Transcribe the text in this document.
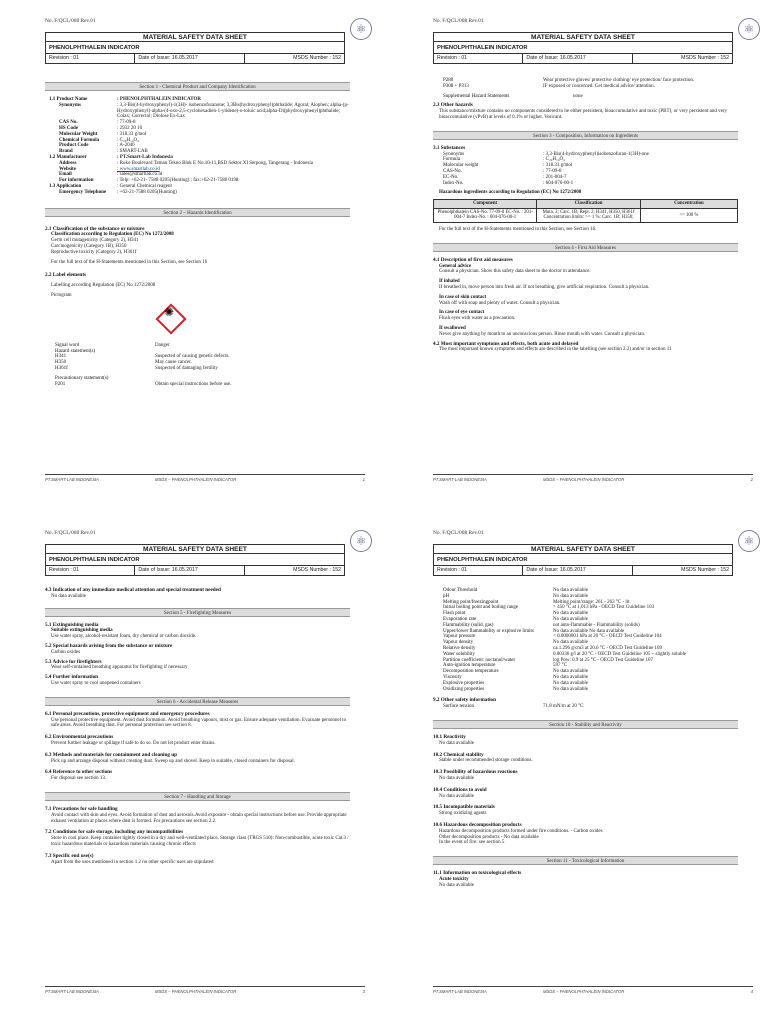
No. F/QCL/008 Rev.01
⚛
MATERIAL SAFETY DATA SHEET
PHENOLPHTHALEIN INDICATOR
Revision : 01	Date of Issue: 16.05.2017	MSDS Number : 152
Section 1 - Chemical Product and Company Identification
1.1 Product Name	: PHENOLPHTHALEIN INDICATOR
Synonyms	: 3,3-Bis(4-hydroxyphenyl)-1(3H)- isobenzofuranone; 3,3Bis(hydroxyphenyl)phthalide; Agoral; Alophen; alpha-(p-Hydroxyphenyl)-alpha-(4-oxo-2,5-cyclohexadien-1-ylidene)-o-toluic acid;alpha-Di(phydroxyphenyl)phthalide; Colax; Correctol; Diolose Ex-Lax
CAS No.	: 77-09-8
HS Code	: 2932 20 10
Molecular Weight	: 318.33 g/mol
Chemical Formula	: C₂₀H₁₄O₄
Product Code	: A-2046
Brand	: SMART-LAB
1.2 Manufacturer	: PT.Smart-Lab Indonesia
Address	: Ruko Boulevard Taman Tekno Blok E No.10-11,BSD Sektor XI Serpong, Tangerang - Indonesia
Website	: www.smartlab.co.id
Email	: sales@smartlab.co.id
For information	: Telp: +62-21- 7588 0205(Hunting) ; fax:+62-21-7588 0198
1.3 Application	: General Chemical reagent
Emergency Telephone	: +62-21-7588 0205(Hunting)
Section 2 – Hazards Identification
2.1 Classification of the substance or mixture
Classification according to Regulation (EC) No 1272/2008
Germ cell mutagenicity (Category 2), H341
Carcinogenicity (Category 1B), H350
Reproductive toxicity (Category 2), H361f
For the full text of the H-Statements mentioned in this Section, see Section 16
2.2 Label elements
Labelling according Regulation (EC) No 1272/2008
Pictogram
✺
Signal word	Danger
Hazard statement(s)
H341	Suspected of causing genetic defects.
H350	May cause cancer.
H361f	Suspected of damaging fertility
Precautionary statement(s)
P201	Obtain special instructions before use.
PT.SMART-LAB INDONESIA	MSDS – PHENOLPHTHALEIN INDICATOR	1
No. F/QCL/008 Rev.01
⚛
MATERIAL SAFETY DATA SHEET
PHENOLPHTHALEIN INDICATOR
Revision : 01	Date of Issue: 16.05.2017	MSDS Number : 152
P280	Wear protective gloves/ protective clothing/ eye protection/ face protection.
P308 + P313	IF exposed or concerned: Get medical advice/ attention.
Supplemental Hazard Statements	none
2.3 Other hazards
This substance/mixture contains no components considered to be either persistent, bioaccumulative and toxic (PBT), or very persistent and very bioaccumulative (vPvB) at levels of 0.1% or higher. Vesicant.
Section 3 - Composition, Information on Ingredients
3.1 Substances
Synonyms	: 3,3-Bis(4-hydroxyphenyl)isobenzofuran-1(3H)-one
Formula	: C₂₀H₁₄O₄
Molecular weight	: 318.33 g/mol
CAS-No.	: 77-09-8
EC-No.	: 201-004-7
Index-No.	: 604-076-00-1
Hazardous ingredients according to Regulation (EC) No 1272/2008
Component	Classification	Concentration
Phenolphthalein CAS-No. 77-09-8 EC-No. : 201-004-7 Index-No. : 604-076-00-1	Muta. 2; Carc. 1B; Repr. 2; H341, H350, H361f Concentration limits: >= 1 %: Carc. 1B; H350;	<= 100 %
For the full text of the H-Statements mentioned in this Section, see Section 16.
Section 4 - First Aid Measures
4.1 Description of first aid measures
General advice
Consult a physician. Show this safety data sheet to the doctor in attendance.
If inhaled
If breathed in, move person into fresh air. If not breathing, give artificial respiration. Consult a physician.
In case of skin contact
Wash off with soap and plenty of water. Consult a physician.
In case of eye contact
Flush eyes with water as a precaution.
If swallowed
Never give anything by mouth to an unconscious person. Rinse mouth with water. Consult a physician.
4.2 Most important symptoms and effects, both acute and delayed
The most important known symptoms and effects are described in the labelling (see section 2.2) and/or in section 11
PT.SMART-LAB INDONESIA	MSDS – PHENOLPHTHALEIN INDICATOR	2
No. F/QCL/008 Rev.01
⚛
MATERIAL SAFETY DATA SHEET
PHENOLPHTHALEIN INDICATOR
Revision : 01	Date of Issue: 16.05.2017	MSDS Number : 152
4.3 Indication of any immediate medical attention and special treatment needed
No data available
Section 5 - Firefighting Measures
5.1 Extinguishing media
Suitable extinguishing media
Use water spray, alcohol-resistant foam, dry chemical or carbon dioxide.
5.2 Special hazards arising from the substance or mixture
Carbon oxides
5.3 Advice for firefighters
Wear self-contained breathing apparatus for firefighting if necessary
5.4 Further information
Use water spray to cool unopened containers
Section 6 - Accidental Release Measures
6.1 Personal precautions, protective equipment and emergency procedures
Use personal protective equipment. Avoid dust formation. Avoid breathing vapours, mist or gas. Ensure adequate ventilation. Evacuate personnel to safe areas. Avoid breathing dust. For personal protection see section 8.
6.2 Environmental precautions
Prevent further leakage or spillage if safe to do so. Do not let product enter drains.
6.3 Methods and materials for containment and cleaning up
Pick up and arrange disposal without creating dust. Sweep up and shovel. Keep in suitable, closed containers for disposal.
6.4 Reference to other sections
For disposal see section 13.
Section 7 - Handling and Storage
7.1 Precautions for safe handling
Avoid contact with skin and eyes. Avoid formation of dust and aerosols.Avoid exposure - obtain special instructions before use. Provide appropriate exhaust ventilation at places where dust is formed. For precautions see section 2.2.
7.2 Conditions for safe storage, including any incompatibilities
Store in cool place. Keep container tightly closed in a dry and well-ventilated place. Storage class (TRGS 510): Non-combustible, acute toxic Cat.3 / toxic hazardous materials or hazardous materials causing chronic effects
7.3 Specific end use(s)
Apart from the uses mentioned in section 1.2 no other specific uses are stipulated
PT.SMART-LAB INDONESIA	MSDS – PHENOLPHTHALEIN INDICATOR	3
No. F/QCL/008 Rev.01
⚛
MATERIAL SAFETY DATA SHEET
PHENOLPHTHALEIN INDICATOR
Revision : 01	Date of Issue: 16.05.2017	MSDS Number : 152
Odour Threshold	No data available
pH	No data available
Melting point/freezingpoint	Melting point/range: 261 - 263 °C - lit.
Initial boiling point and boiling range	> 450 °C at 1,013 hPa - OECD Test Guideline 103
Flash point	No data available
Evaporation rate	No data available
Flammability (solid, gas)	not auto-flammable - Flammability (solids)
Upper/lower flammability or explosive limits	No data available No data available
Vapour pressure	< 0.0000001 hPa at 20 °C - OECD Test Guideline 104
Vapour density	No data available
Relative density	ca.1.296 g/cm3 at 20.6 °C - OECD Test Guideline 109
Water solubility	0.00336 g/l at 20 °C - OECD Test Guideline 105 – slightly soluble
Partition coefficient: noctanol/water	log Pow: 0.9 at 25 °C - OECD Test Guideline 107
Auto-ignition temperature	597 °C
Decomposition temperature	No data available
Viscosity	No data available
Explosive properties	No data available
Oxidizing properties	No data available
9.2 Other safety information
Surface tension	71.8 mN/m at 20 °C
Section 10 - Stability and Reactivity
10.1 Reactivity
No data available
10.2 Chemical stability
Stable under recommended storage conditions.
10.3 Possibility of hazardous reactions
No data available
10.4 Conditions to avoid
No data available
10.5 Incompatible materials
Strong oxidizing agents
10.6 Hazardous decomposition products
Hazardous decomposition products formed under fire conditions. - Carbon oxides
Other decomposition products - No data available
In the event of fire: see section 5
Section 11 - Toxicological Information
11.1 Information on toxicological effects
Acute toxicity
No data available
PT.SMART-LAB INDONESIA	MSDS – PHENOLPHTHALEIN INDICATOR	4
